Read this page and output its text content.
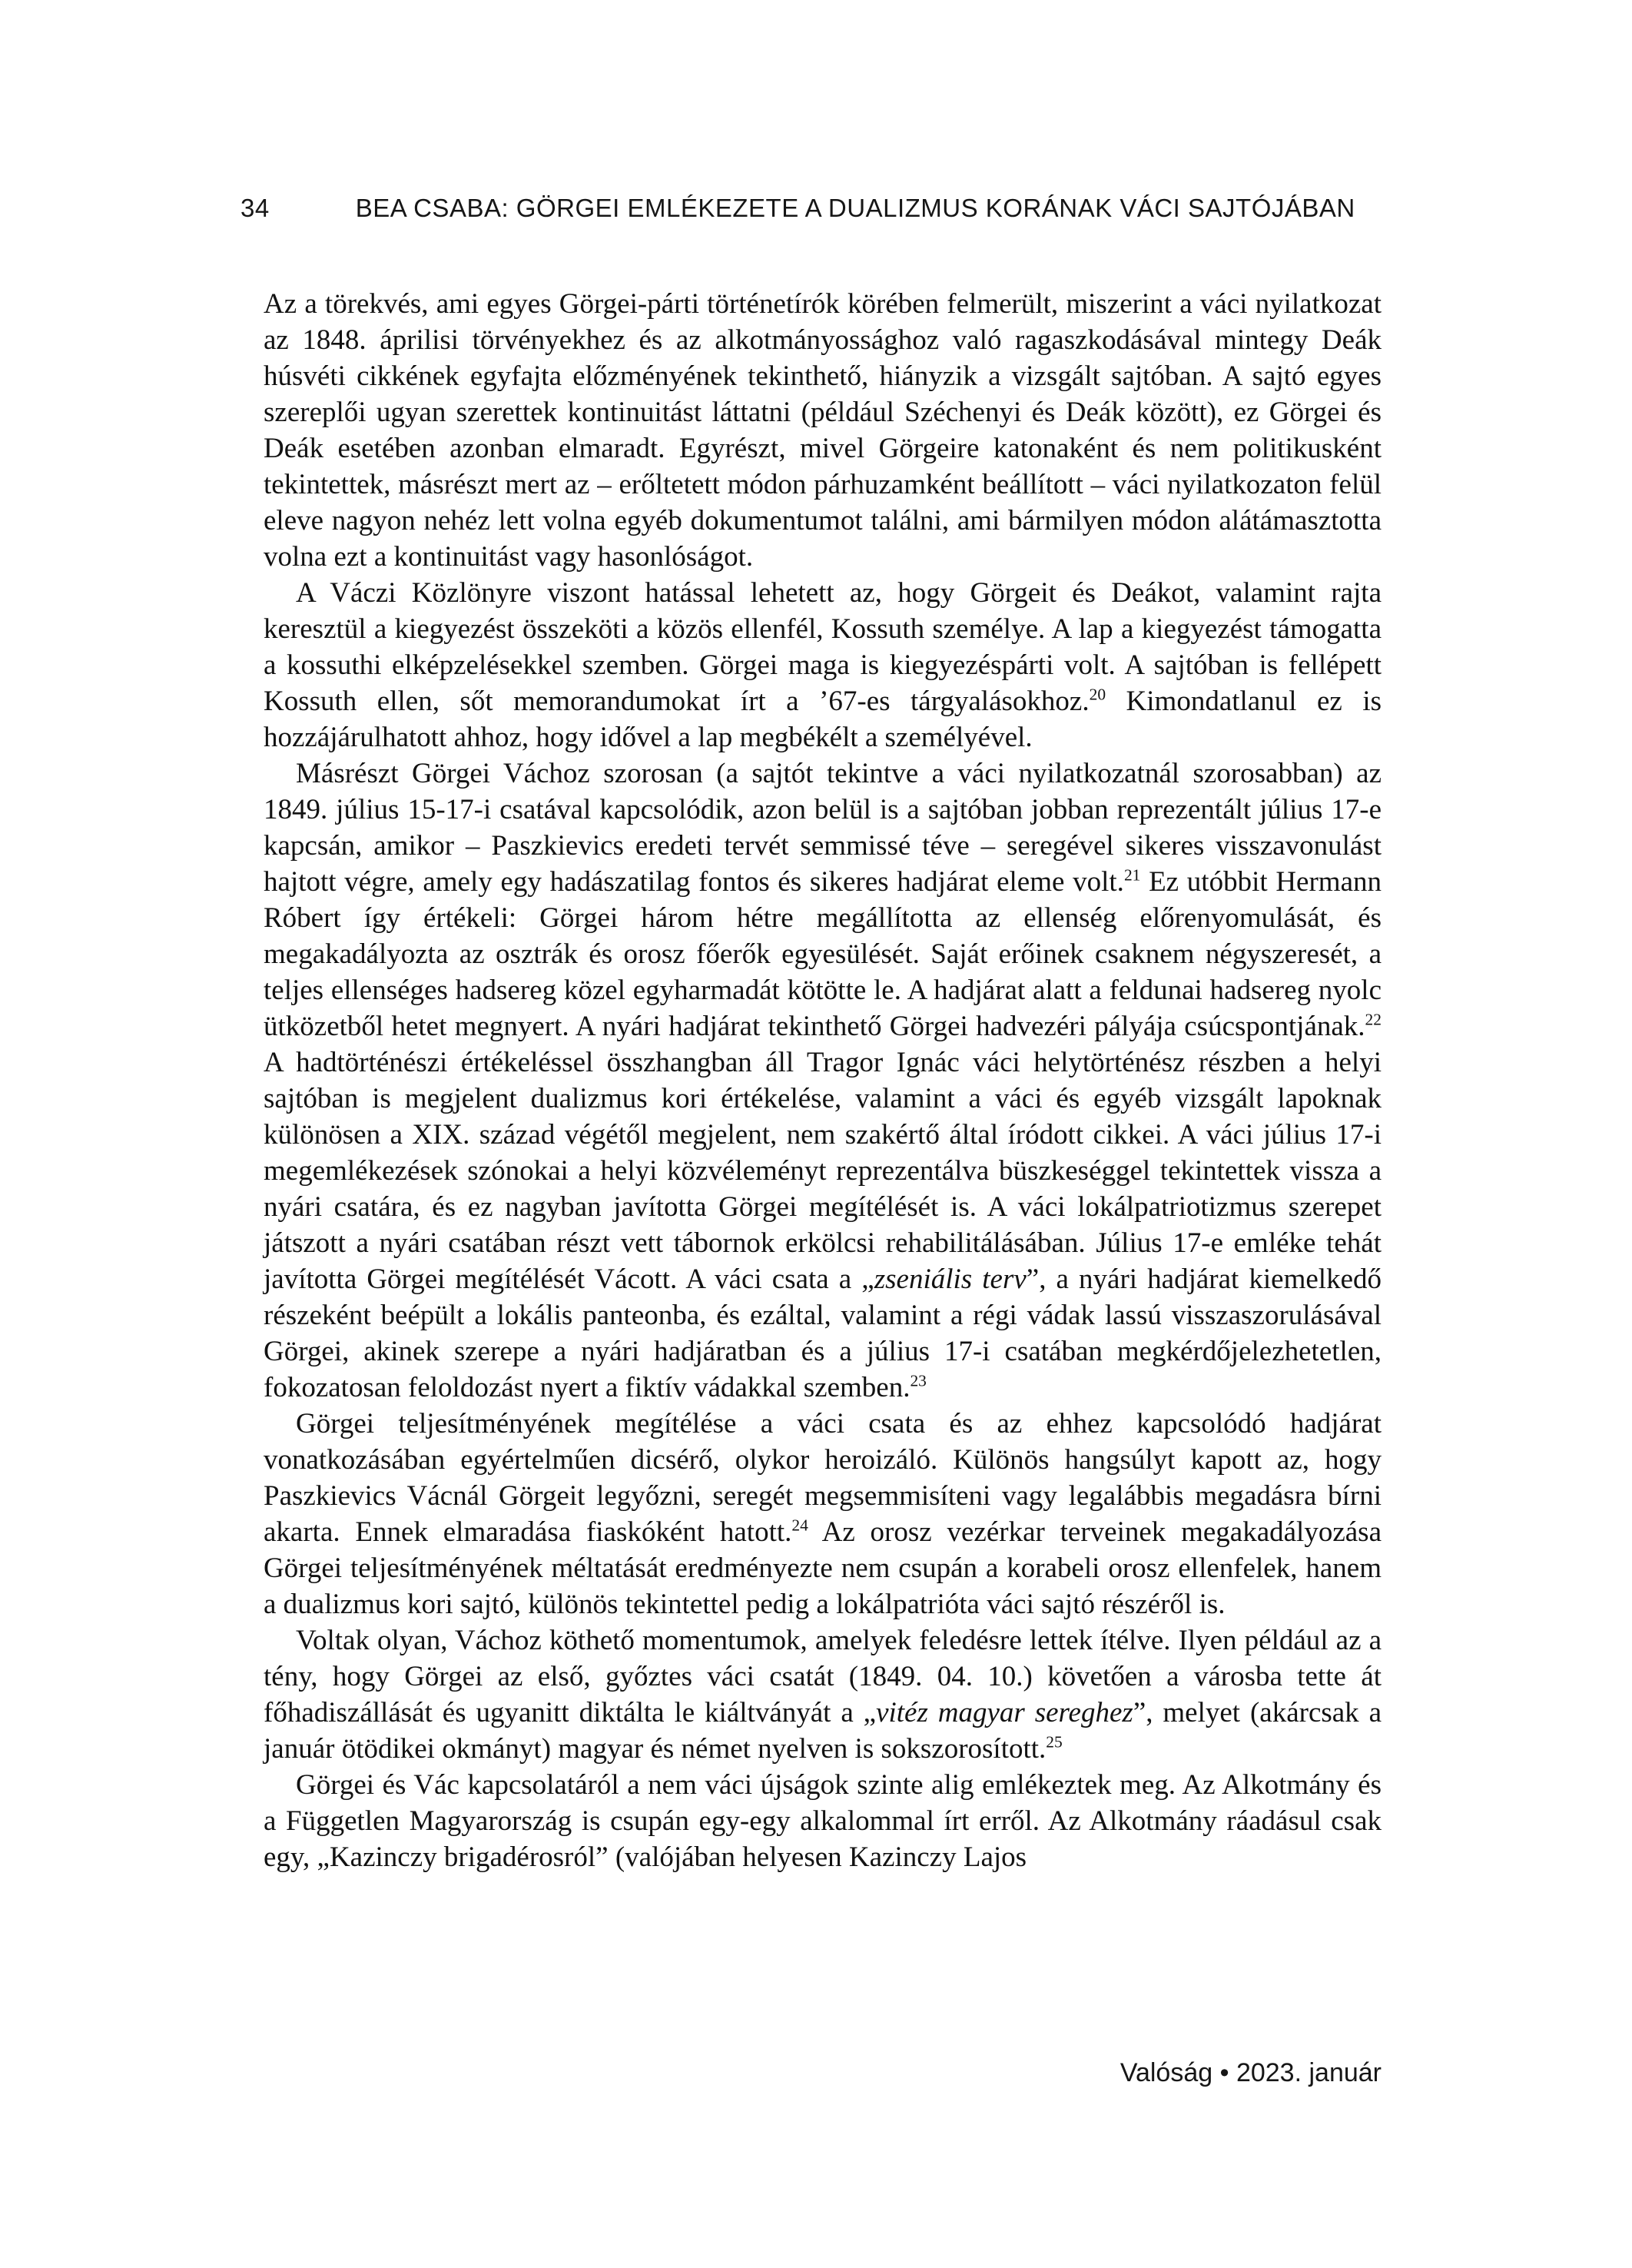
34	BEA CSABA: GÖRGEI EMLÉKEZETE A DUALIZMUS KORÁNAK VÁCI SAJTÓJÁBAN

Az a törekvés, ami egyes Görgei-párti történetírók körében felmerült, miszerint a váci nyilatkozat az 1848. áprilisi törvényekhez és az alkotmányossághoz való ragaszkodásával mintegy Deák húsvéti cikkének egyfajta előzményének tekinthető, hiányzik a vizsgált sajtóban. A sajtó egyes szereplői ugyan szerettek kontinuitást láttatni (például Széchenyi és Deák között), ez Görgei és Deák esetében azonban elmaradt. Egyrészt, mivel Görgeire katonaként és nem politikusként tekintettek, másrészt mert az – erőltetett módon párhuzamként beállított – váci nyilatkozaton felül eleve nagyon nehéz lett volna egyéb dokumentumot találni, ami bármilyen módon alátámasztotta volna ezt a kontinuitást vagy hasonlóságot.

A Váczi Közlönyre viszont hatással lehetett az, hogy Görgeit és Deákot, valamint rajta keresztül a kiegyezést összeköti a közös ellenfél, Kossuth személye. A lap a kiegyezést támogatta a kossuthi elképzelésekkel szemben. Görgei maga is kiegyezéspárti volt. A sajtóban is fellépett Kossuth ellen, sőt memorandumokat írt a ’67-es tárgyalásokhoz.$^{20}$ Kimondatlanul ez is hozzájárulhatott ahhoz, hogy idővel a lap megbékélt a személyével.

Másrészt Görgei Váchoz szorosan (a sajtót tekintve a váci nyilatkozatnál szorosabban) az 1849. július 15-17-i csatával kapcsolódik, azon belül is a sajtóban jobban reprezentált július 17-e kapcsán, amikor – Paszkievics eredeti tervét semmissé téve – seregével sikeres visszavonulást hajtott végre, amely egy hadászatilag fontos és sikeres hadjárat eleme volt.$^{21}$ Ez utóbbit Hermann Róbert így értékeli: Görgei három hétre megállította az ellenség előrenyomulását, és megakadályozta az osztrák és orosz főerők egyesülését. Saját erőinek csaknem négyszeresét, a teljes ellenséges hadsereg közel egyharmadát kötötte le. A hadjárat alatt a feldunai hadsereg nyolc ütközetből hetet megnyert. A nyári hadjárat tekinthető Görgei hadvezéri pályája csúcspontjának.$^{22}$ A hadtörténészi értékeléssel összhangban áll Tragor Ignác váci helytörténész részben a helyi sajtóban is megjelent dualizmus kori értékelése, valamint a váci és egyéb vizsgált lapoknak különösen a XIX. század végétől megjelent, nem szakértő által íródott cikkei. A váci július 17-i megemlékezések szónokai a helyi közvéleményt reprezentálva büszkeséggel tekintettek vissza a nyári csatára, és ez nagyban javította Görgei megítélését is. A váci lokálpatriotizmus szerepet játszott a nyári csatában részt vett tábornok erkölcsi rehabilitálásában. Július 17-e emléke tehát javította Görgei megítélését Vácott. A váci csata a „zseniális terv”, a nyári hadjárat kiemelkedő részeként beépült a lokális panteonba, és ezáltal, valamint a régi vádak lassú visszaszorulásával Görgei, akinek szerepe a nyári hadjáratban és a július 17-i csatában megkérdőjelezhetetlen, fokozatosan feloldozást nyert a fiktív vádakkal szemben.$^{23}$

Görgei teljesítményének megítélése a váci csata és az ehhez kapcsolódó hadjárat vonatkozásában egyértelműen dicsérő, olykor heroizáló. Különös hangsúlyt kapott az, hogy Paszkievics Vácnál Görgeit legyőzni, seregét megsemmisíteni vagy legalábbis megadásra bírni akarta. Ennek elmaradása fiaskóként hatott.$^{24}$ Az orosz vezérkar terveinek megakadályozása Görgei teljesítményének méltatását eredményezte nem csupán a korabeli orosz ellenfelek, hanem a dualizmus kori sajtó, különös tekintettel pedig a lokálpatrióta váci sajtó részéről is.

Voltak olyan, Váchoz köthető momentumok, amelyek feledésre lettek ítélve. Ilyen például az a tény, hogy Görgei az első, győztes váci csatát (1849. 04. 10.) követően a városba tette át főhadiszállását és ugyanitt diktálta le kiáltványát a „vitéz magyar sereghez”, melyet (akárcsak a január ötödikei okmányt) magyar és német nyelven is sokszorosított.$^{25}$

Görgei és Vác kapcsolatáról a nem váci újságok szinte alig emlékeztek meg. Az Alkotmány és a Független Magyarország is csupán egy-egy alkalommal írt erről. Az Alkotmány ráadásul csak egy, „Kazinczy brigadérosról” (valójában helyesen Kazinczy Lajos

Valóság • 2023. január
